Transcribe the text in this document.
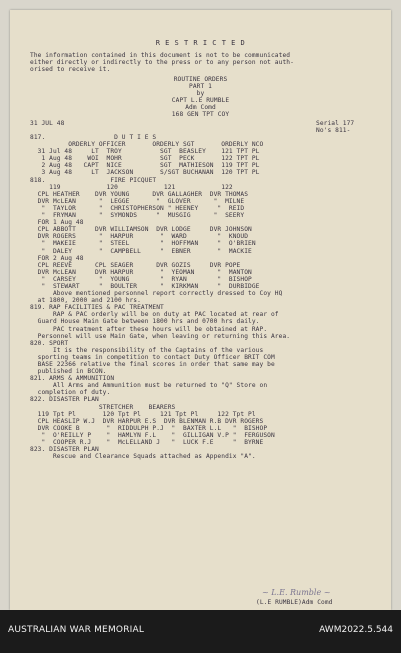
R E S T R I C T E D
The information contained in this document is not to be communicated
either directly or indirectly to the press or to any person not auth-
orised to receive it.
ROUTINE ORDERS
PART 1
by
CAPT L.E RUMBLE
Adm Comd
168 GEN TPT COY
31 JUL 48	Serial 177
No's 811-
817.                  D U T I E S
ORDERLY OFFICER       ORDERLY SGT       ORDERLY NCO
31 Jul 48     LT  TROY          SGT  BEASLEY    121 TPT PL
1 Aug 48    WOI  MOHR          SGT  PECK       122 TPT PL
2 Aug 48   CAPT  NICE          SGT  MATHIESON  119 TPT PL
3 Aug 48     LT  JACKSON       S/SGT BUCHANAN  120 TPT PL
818.                 FIRE PICQUET
119            120            121            122
CPL HEATHER    DVR YOUNG      DVR GALLAGHER  DVR THOMAS
DVR McLEAN      "  LEGGE       "  GLOVER      "  MILNE
"  TAYLOR      "  CHRISTOPHERSON " HEENEY     "  REID
"  FRYMAN      "  SYMONDS     "  MUSGIG      "  SEERY
FOR 1 Aug 48
CPL ABBOTT     DVR WILLIAMSON  DVR LODGE     DVR JOHNSON
DVR ROGERS      "  HARPUR       "  WARD        "  KNOUD
"  MAKEIE      "  STEEL        "  HOFFMAN     "  O'BRIEN
"  DALEY       "  CAMPBELL     "  EBNER       "  MACKIE
FOR 2 Aug 48
CPL REEVE      CPL SEAGER      DVR GOZIS     DVR POPE
DVR McLEAN     DVR HARPUR       "  YEOMAN      "  MANTON
"  CARSEY      "  YOUNG        "  RYAN        "  BISHOP
"  STEWART     "  BOULTER      "  KIRKMAN     "  DURBIDGE
Above mentioned personnel report correctly dressed to Coy HQ
at 1800, 2000 and 2100 hrs.
819. RAP FACILITIES & PAC TREATMENT
RAP & PAC orderly will be on duty at PAC located at rear of
Guard House Main Gate between 1800 hrs and 0700 hrs daily.
PAC treatment after these hours will be obtained at RAP.
Personnel will use Main Gate, when leaving or returning this Area.
820. SPORT
It is the responsibility of the Captains of the various
sporting teams in competition to contact Duty Officer BRIT COM
BASE 22366 relative the final scores in order that same may be
published in BCON.
821. ARMS & AMMUNITION
All Arms and Ammunition must be returned to "Q" Store on
completion of duty.
822. DISASTER PLAN
STRETCHER    BEARERS
119 Tpt Pl       120 Tpt Pl     121 Tpt Pl     122 Tpt Pl
CPL HEASLIP W.J  DVR HARPUR E.S  DVR BLENMAN R.B DVR ROGERS
DVR COOKE B       "  RIDDULPH P.J  "  BAXTER L.L   "  BISHOP
"  O'REILLY P    "  HAMLYN F.L    "  GILLIGAN V.P "  FERGUSON
"  COOPER R.J    "  McLELLAND J   "  LUCK F.E     "  BYRNE
823. DISASTER PLAN
Rescue and Clearance Squads attached as Appendix "A".
~ L.E. Rumble ~
(L.E RUMBLE)Adm Comd
AUSTRALIAN WAR MEMORIAL	AWM2022.5.544
